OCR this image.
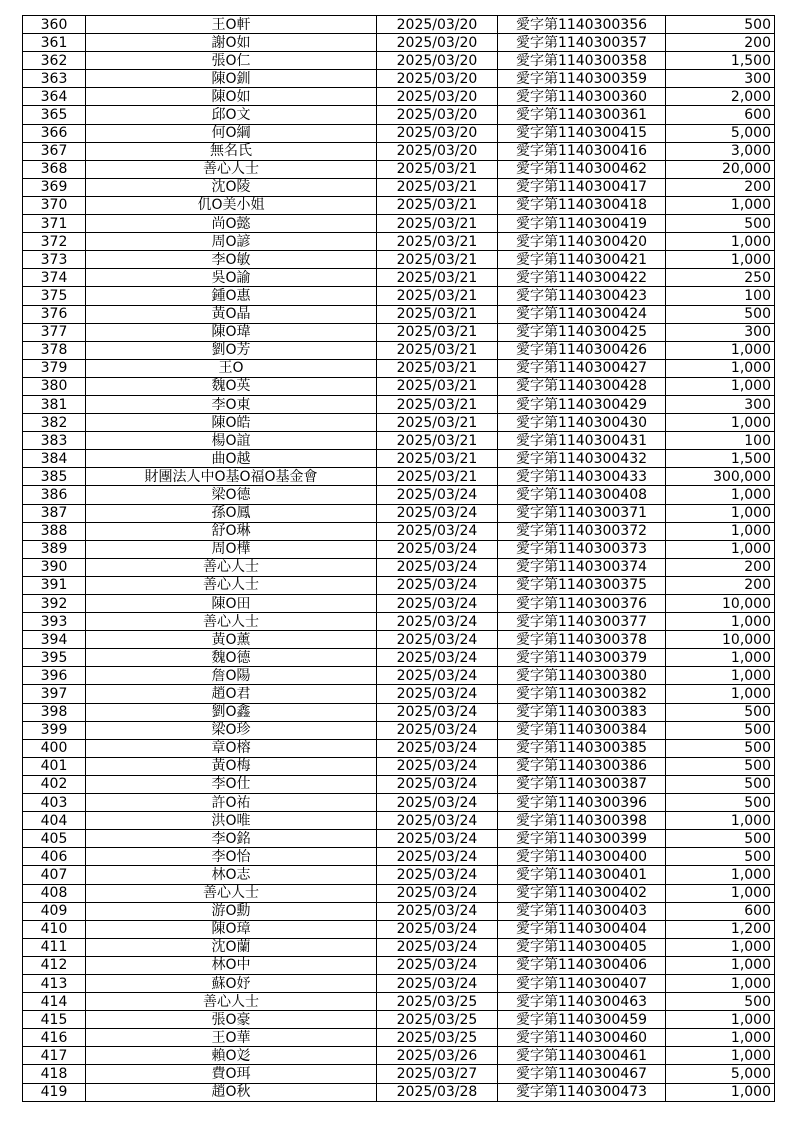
360	王O軒	2025/03/20	愛字第1140300356	500
361	謝O如	2025/03/20	愛字第1140300357	200
362	張O仁	2025/03/20	愛字第1140300358	1,500
363	陳O釧	2025/03/20	愛字第1140300359	300
364	陳O如	2025/03/20	愛字第1140300360	2,000
365	邱O文	2025/03/20	愛字第1140300361	600
366	何O綱	2025/03/20	愛字第1140300415	5,000
367	無名氏	2025/03/20	愛字第1140300416	3,000
368	善心人士	2025/03/21	愛字第1140300462	20,000
369	沈O陵	2025/03/21	愛字第1140300417	200
370	仉O美小姐	2025/03/21	愛字第1140300418	1,000
371	尚O懿	2025/03/21	愛字第1140300419	500
372	周O諺	2025/03/21	愛字第1140300420	1,000
373	李O敏	2025/03/21	愛字第1140300421	1,000
374	吳O諭	2025/03/21	愛字第1140300422	250
375	鍾O惠	2025/03/21	愛字第1140300423	100
376	黃O晶	2025/03/21	愛字第1140300424	500
377	陳O瑋	2025/03/21	愛字第1140300425	300
378	劉O芳	2025/03/21	愛字第1140300426	1,000
379	王O	2025/03/21	愛字第1140300427	1,000
380	魏O英	2025/03/21	愛字第1140300428	1,000
381	李O東	2025/03/21	愛字第1140300429	300
382	陳O皓	2025/03/21	愛字第1140300430	1,000
383	楊O誼	2025/03/21	愛字第1140300431	100
384	曲O越	2025/03/21	愛字第1140300432	1,500
385	財團法人中O基O福O基金會	2025/03/21	愛字第1140300433	300,000
386	梁O德	2025/03/24	愛字第1140300408	1,000
387	孫O鳳	2025/03/24	愛字第1140300371	1,000
388	舒O琳	2025/03/24	愛字第1140300372	1,000
389	周O樺	2025/03/24	愛字第1140300373	1,000
390	善心人士	2025/03/24	愛字第1140300374	200
391	善心人士	2025/03/24	愛字第1140300375	200
392	陳O田	2025/03/24	愛字第1140300376	10,000
393	善心人士	2025/03/24	愛字第1140300377	1,000
394	黃O薰	2025/03/24	愛字第1140300378	10,000
395	魏O德	2025/03/24	愛字第1140300379	1,000
396	詹O陽	2025/03/24	愛字第1140300380	1,000
397	趙O君	2025/03/24	愛字第1140300382	1,000
398	劉O鑫	2025/03/24	愛字第1140300383	500
399	梁O珍	2025/03/24	愛字第1140300384	500
400	章O榕	2025/03/24	愛字第1140300385	500
401	黃O梅	2025/03/24	愛字第1140300386	500
402	李O仕	2025/03/24	愛字第1140300387	500
403	許O祐	2025/03/24	愛字第1140300396	500
404	洪O唯	2025/03/24	愛字第1140300398	1,000
405	李O銘	2025/03/24	愛字第1140300399	500
406	李O怡	2025/03/24	愛字第1140300400	500
407	林O志	2025/03/24	愛字第1140300401	1,000
408	善心人士	2025/03/24	愛字第1140300402	1,000
409	游O勳	2025/03/24	愛字第1140300403	600
410	陳O璋	2025/03/24	愛字第1140300404	1,200
411	沈O蘭	2025/03/24	愛字第1140300405	1,000
412	林O中	2025/03/24	愛字第1140300406	1,000
413	蘇O妤	2025/03/24	愛字第1140300407	1,000
414	善心人士	2025/03/25	愛字第1140300463	500
415	張O豪	2025/03/25	愛字第1140300459	1,000
416	王O華	2025/03/25	愛字第1140300460	1,000
417	賴O彣	2025/03/26	愛字第1140300461	1,000
418	費O珥	2025/03/27	愛字第1140300467	5,000
419	趙O秋	2025/03/28	愛字第1140300473	1,000
